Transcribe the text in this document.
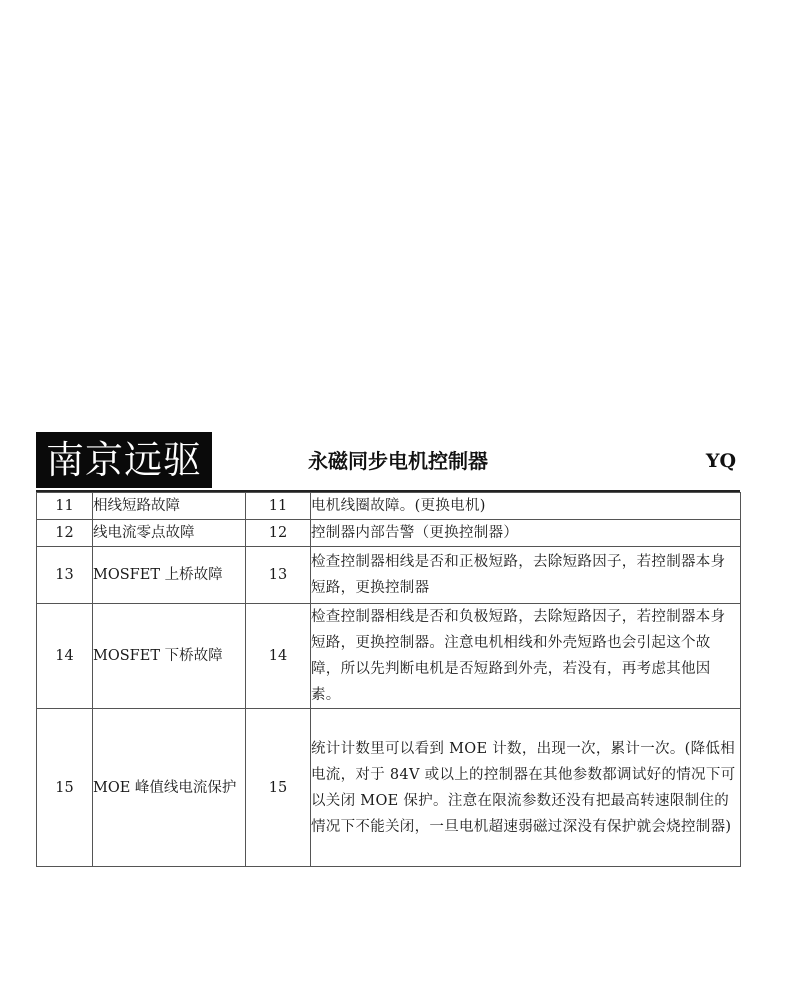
南京远驱	永磁同步电机控制器	YQ
11	相线短路故障	11	电机线圈故障。(更换电机)
12	线电流零点故障	12	控制器内部告警（更换控制器）
13	MOSFET 上桥故障	13	检查控制器相线是否和正极短路，去除短路因子，若控制器本身短路，更换控制器
14	MOSFET 下桥故障	14	检查控制器相线是否和负极短路，去除短路因子，若控制器本身短路，更换控制器。注意电机相线和外壳短路也会引起这个故障，所以先判断电机是否短路到外壳，若没有，再考虑其他因素。
15	MOE 峰值线电流保护	15	统计计数里可以看到 MOE 计数，出现一次，累计一次。(降低相电流，对于 84V 或以上的控制器在其他参数都调试好的情况下可以关闭 MOE 保护。注意在限流参数还没有把最高转速限制住的情况下不能关闭，一旦电机超速弱磁过深没有保护就会烧控制器)
